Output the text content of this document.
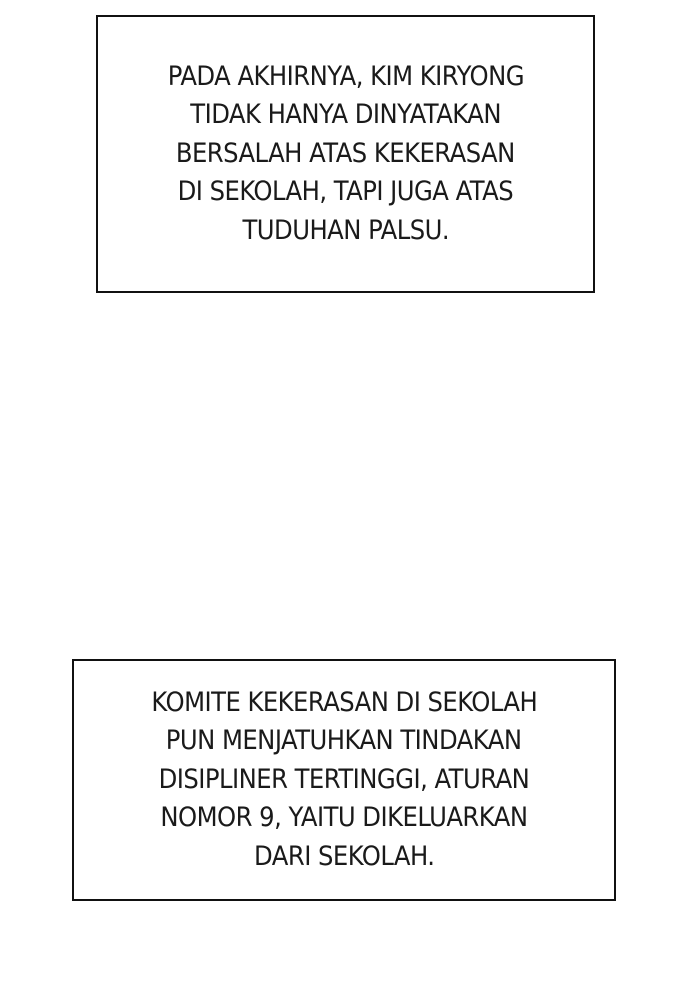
PADA AKHIRNYA, KIM KIRYONG
TIDAK HANYA DINYATAKAN
BERSALAH ATAS KEKERASAN
DI SEKOLAH, TAPI JUGA ATAS
TUDUHAN PALSU.
KOMITE KEKERASAN DI SEKOLAH
PUN MENJATUHKAN TINDAKAN
DISIPLINER TERTINGGI, ATURAN
NOMOR 9, YAITU DIKELUARKAN
DARI SEKOLAH.
